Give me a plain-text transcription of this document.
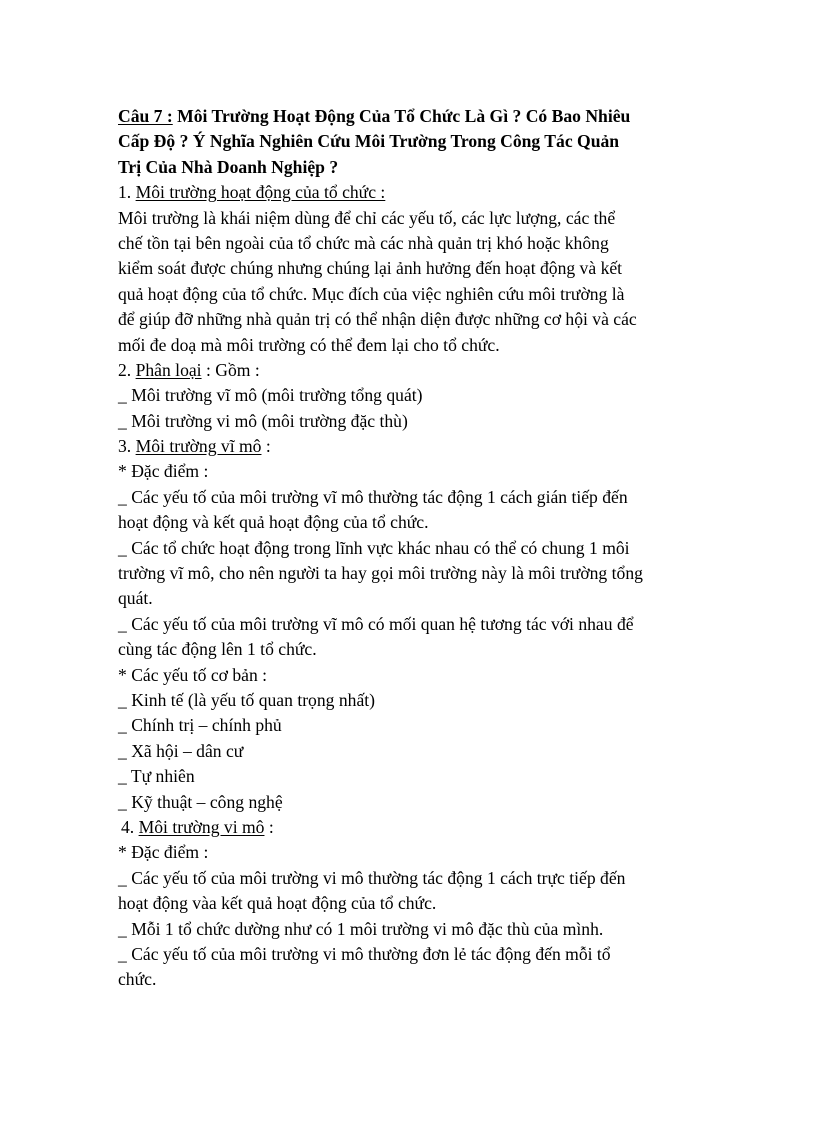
Câu 7 : Môi Trường Hoạt Động Của Tổ Chức Là Gì ? Có Bao Nhiêu
Cấp Độ ? Ý Nghĩa Nghiên Cứu Môi Trường Trong Công Tác Quản
Trị Của Nhà Doanh Nghiệp ?
1. Môi trường hoạt động của tổ chức :
Môi trường là khái niệm dùng để chỉ các yếu tố, các lực lượng, các thể
chế tồn tại bên ngoài của tổ chức mà các nhà quản trị khó hoặc không
kiểm soát được chúng nhưng chúng lại ảnh hưởng đến hoạt động và kết
quả hoạt động của tổ chức. Mục đích của việc nghiên cứu môi trường là
để giúp đỡ những nhà quản trị có thể nhận diện được những cơ hội và các
mối đe doạ mà môi trường có thể đem lại cho tổ chức.
2. Phân loại : Gồm :
_ Môi trường vĩ mô (môi trường tổng quát)
_ Môi trường vi mô (môi trường đặc thù)
3. Môi trường vĩ mô :
* Đặc điểm :
_ Các yếu tố của môi trường vĩ mô thường tác động 1 cách gián tiếp đến
hoạt động và kết quả hoạt động của tổ chức.
_ Các tổ chức hoạt động trong lĩnh vực khác nhau có thể có chung 1 môi
trường vĩ mô, cho nên người ta hay gọi môi trường này là môi trường tổng
quát.
_ Các yếu tố của môi trường vĩ mô có mối quan hệ tương tác với nhau để
cùng tác động lên 1 tổ chức.
* Các yếu tố cơ bản :
_ Kinh tế (là yếu tố quan trọng nhất)
_ Chính trị – chính phủ
_ Xã hội – dân cư
_ Tự nhiên
_ Kỹ thuật – công nghệ
4. Môi trường vi mô :
* Đặc điểm :
_ Các yếu tố của môi trường vi mô thường tác động 1 cách trực tiếp đến
hoạt động vàa kết quả hoạt động của tổ chức.
_ Mỗi 1 tổ chức dường như có 1 môi trường vi mô đặc thù của mình.
_ Các yếu tố của môi trường vi mô thường đơn lẻ tác động đến mỗi tổ
chức.
